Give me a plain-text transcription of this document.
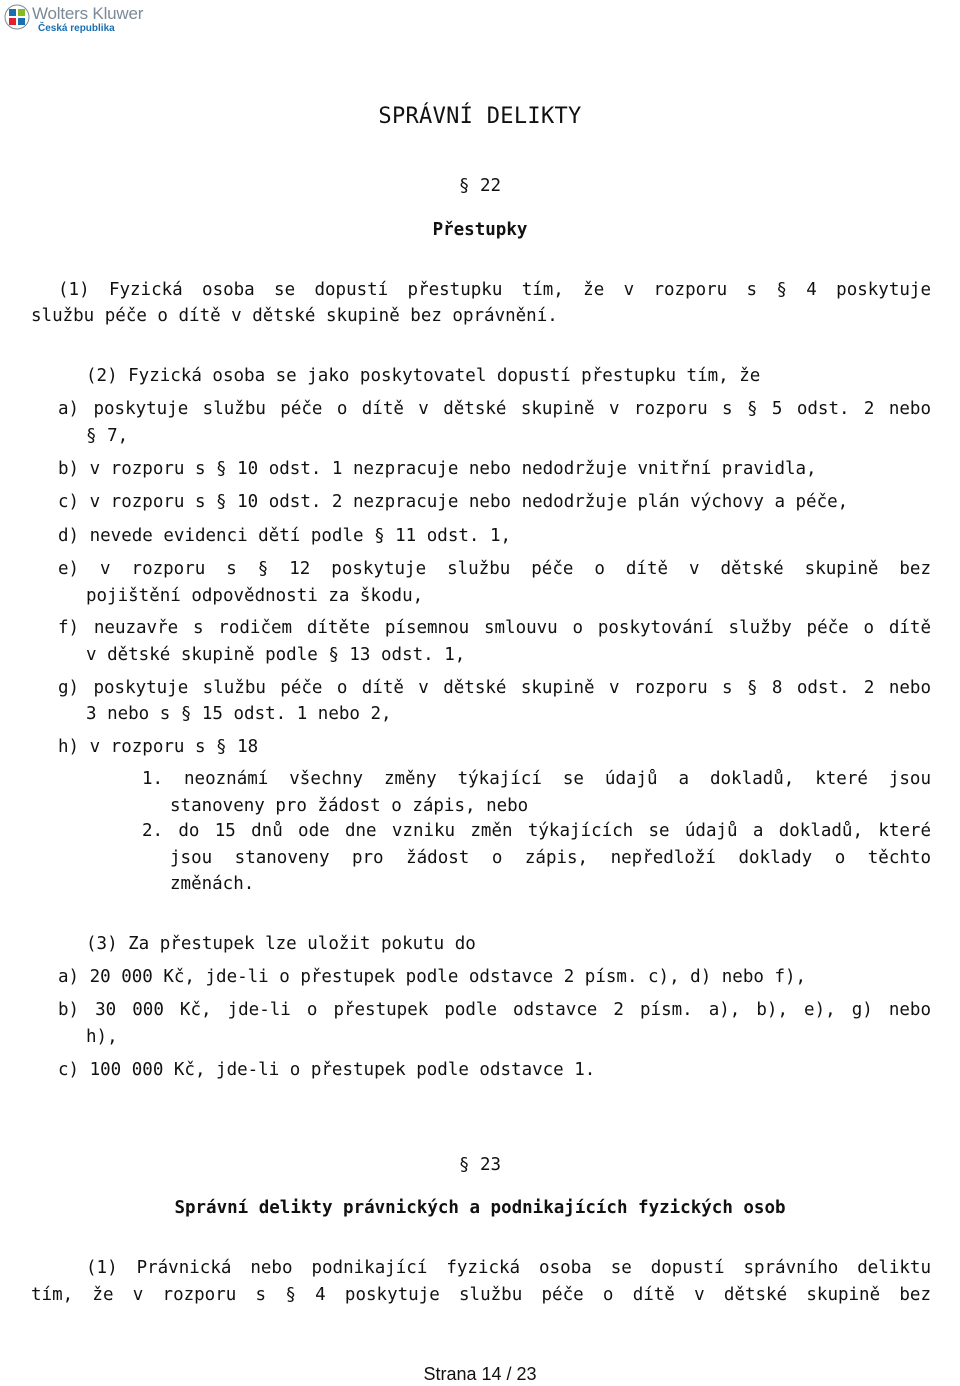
Wolters Kluwer
Česká republika
SPRÁVNÍ DELIKTY
§ 22
Přestupky
(1) Fyzická osoba se dopustí přestupku tím, že v rozporu s § 4 poskytuje
službu péče o dítě v dětské skupině bez oprávnění.
(2) Fyzická osoba se jako poskytovatel dopustí přestupku tím, že
a) poskytuje službu péče o dítě v dětské skupině v rozporu s § 5 odst. 2 nebo
§ 7,
b) v rozporu s § 10 odst. 1 nezpracuje nebo nedodržuje vnitřní pravidla,
c) v rozporu s § 10 odst. 2 nezpracuje nebo nedodržuje plán výchovy a péče,
d) nevede evidenci dětí podle § 11 odst. 1,
e) v rozporu s § 12 poskytuje službu péče o dítě v dětské skupině bez
pojištění odpovědnosti za škodu,
f) neuzavře s rodičem dítěte písemnou smlouvu o poskytování služby péče o dítě
v dětské skupině podle § 13 odst. 1,
g) poskytuje službu péče o dítě v dětské skupině v rozporu s § 8 odst. 2 nebo
3 nebo s § 15 odst. 1 nebo 2,
h) v rozporu s § 18
1. neoznámí všechny změny týkající se údajů a dokladů, které jsou
stanoveny pro žádost o zápis, nebo
2. do 15 dnů ode dne vzniku změn týkajících se údajů a dokladů, které
jsou stanoveny pro žádost o zápis, nepředloží doklady o těchto
změnách.
(3) Za přestupek lze uložit pokutu do
a) 20 000 Kč, jde-li o přestupek podle odstavce 2 písm. c), d) nebo f),
b) 30 000 Kč, jde-li o přestupek podle odstavce 2 písm. a), b), e), g) nebo
h),
c) 100 000 Kč, jde-li o přestupek podle odstavce 1.
§ 23
Správní delikty právnických a podnikajících fyzických osob
(1) Právnická nebo podnikající fyzická osoba se dopustí správního deliktu
tím, že v rozporu s § 4 poskytuje službu péče o dítě v dětské skupině bez
Strana 14 / 23
